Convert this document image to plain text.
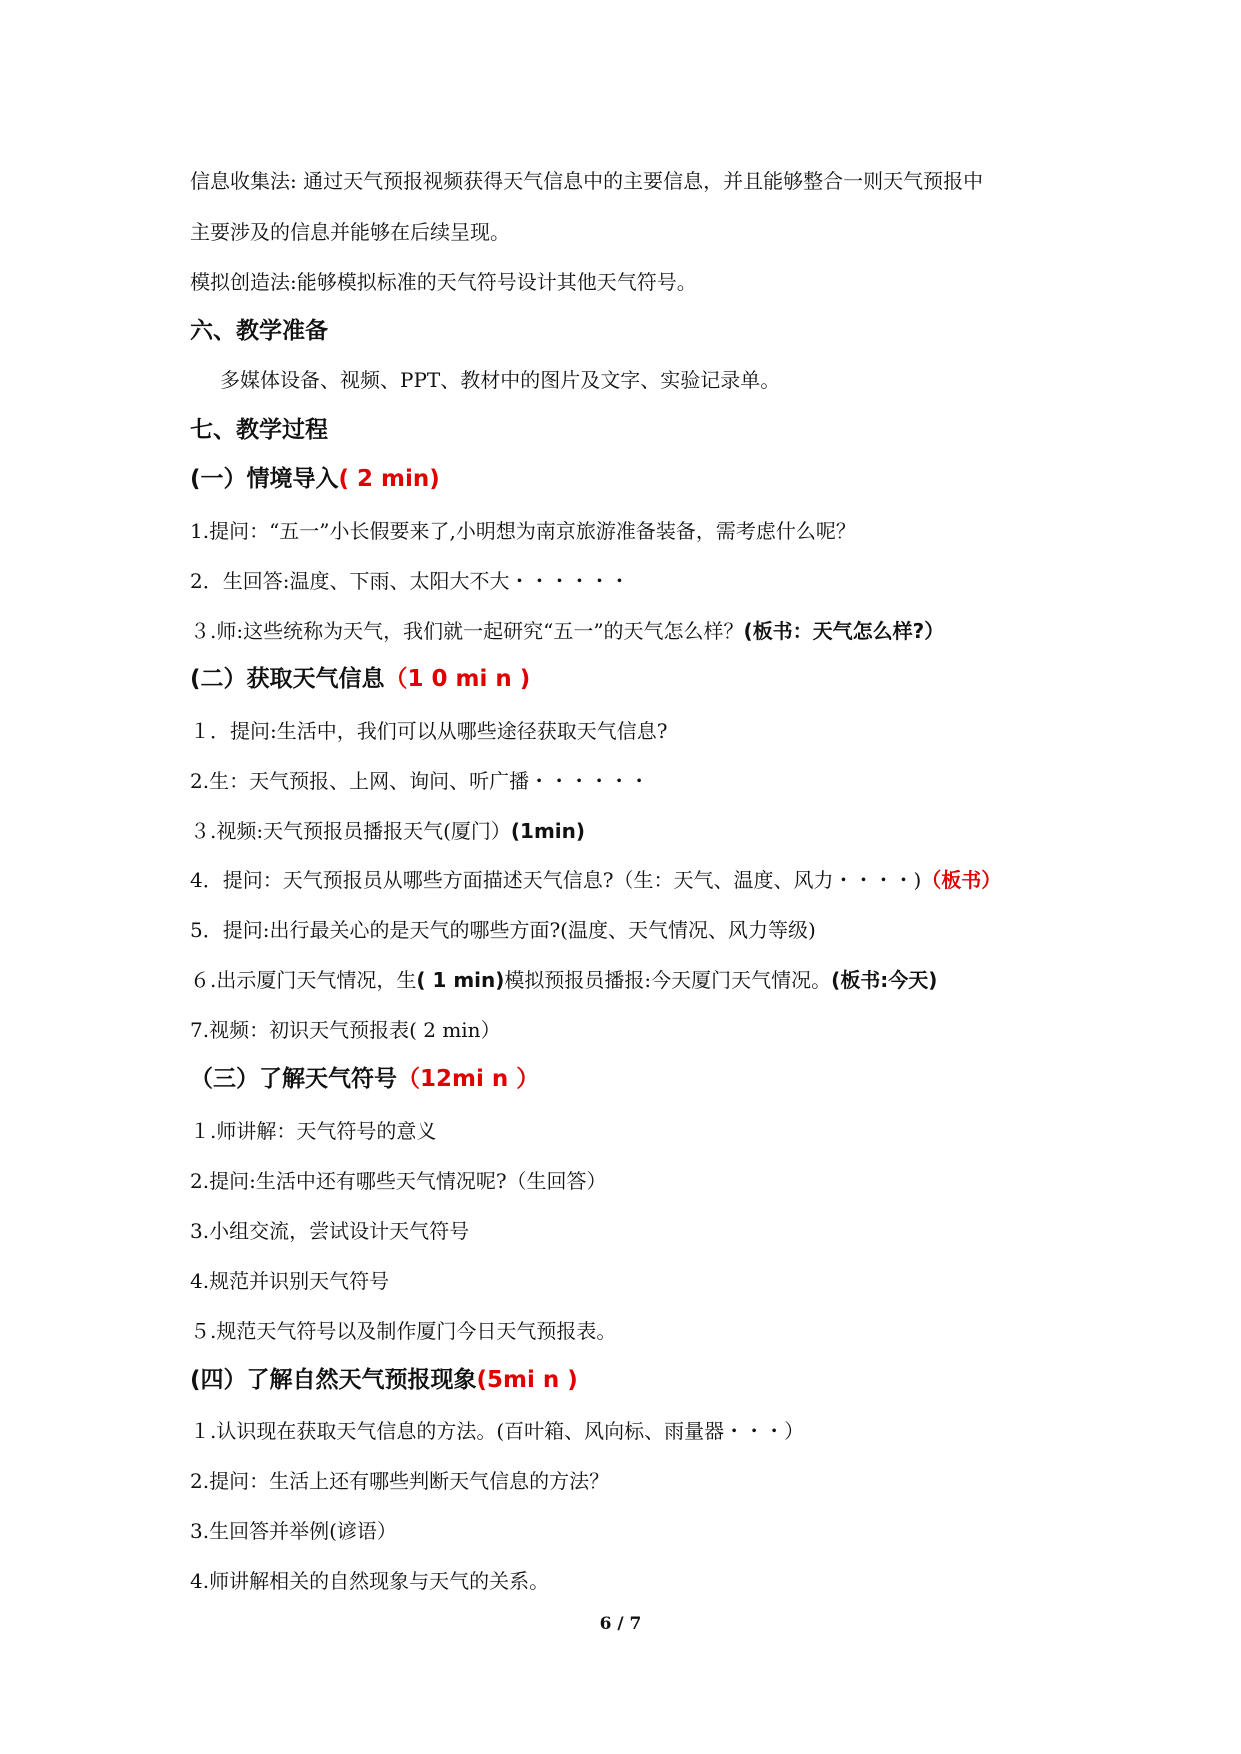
信息收集法: 通过天气预报视频获得天气信息中的主要信息，并且能够整合一则天气预报中
主要涉及的信息并能够在后续呈现。
模拟创造法:能够模拟标准的天气符号设计其他天气符号。
六、教学准备
多媒体设备、视频、PPT、教材中的图片及文字、实验记录单。
七、教学过程
(一）情境导入( 2 min)
1.提问：“五一”小长假要来了,小明想为南京旅游准备装备，需考虑什么呢？
2．生回答:温度、下雨、太阳大不大・・・・・・
３.师:这些统称为天气，我们就一起研究“五一”的天气怎么样？(板书：天气怎么样?）
(二）获取天气信息（1 0 mi n )
１．提问:生活中，我们可以从哪些途径获取天气信息?
2.生：天气预报、上网、询问、听广播・・・・・・
３.视频:天气预报员播报天气(厦门）(1min)
4．提问：天气预报员从哪些方面描述天气信息?（生：天气、温度、风力・・・・)（板书）
5．提问:出行最关心的是天气的哪些方面?(温度、天气情况、风力等级)
６.出示厦门天气情况，生( 1 min)模拟预报员播报:今天厦门天气情况。(板书:今天)
7.视频：初识天气预报表( 2 min）
（三）了解天气符号（12mi n ）
１.师讲解：天气符号的意义
2.提问:生活中还有哪些天气情况呢?（生回答）
3.小组交流，尝试设计天气符号
4.规范并识别天气符号
５.规范天气符号以及制作厦门今日天气预报表。
(四）了解自然天气预报现象(5mi n )
１.认识现在获取天气信息的方法。(百叶箱、风向标、雨量器・・・）
2.提问：生活上还有哪些判断天气信息的方法？
3.生回答并举例(谚语）
4.师讲解相关的自然现象与天气的关系。
6 / 7
